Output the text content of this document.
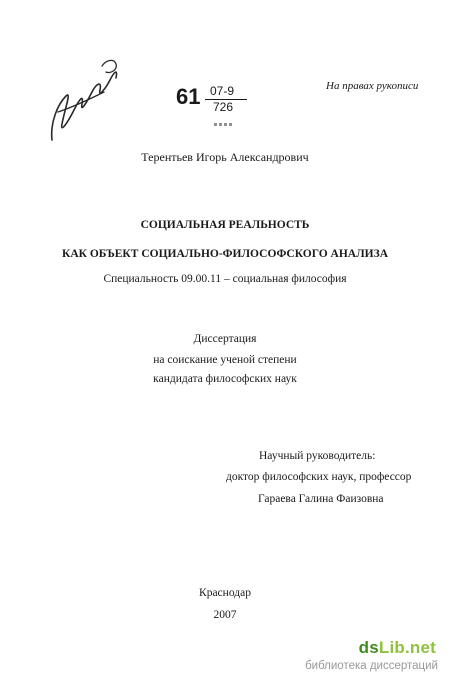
61 07-9
726
На правах рукописи
Терентьев Игорь Александрович
СОЦИАЛЬНАЯ РЕАЛЬНОСТЬ
КАК ОБЪЕКТ СОЦИАЛЬНО-ФИЛОСОФСКОГО АНАЛИЗА
Специальность 09.00.11 – социальная философия
Диссертация
на соискание ученой степени
кандидата философских наук
Научный руководитель:
доктор философских наук, профессор
Гараева Галина Фаизовна
Краснодар
2007
dsLib.net
библиотека диссертаций
